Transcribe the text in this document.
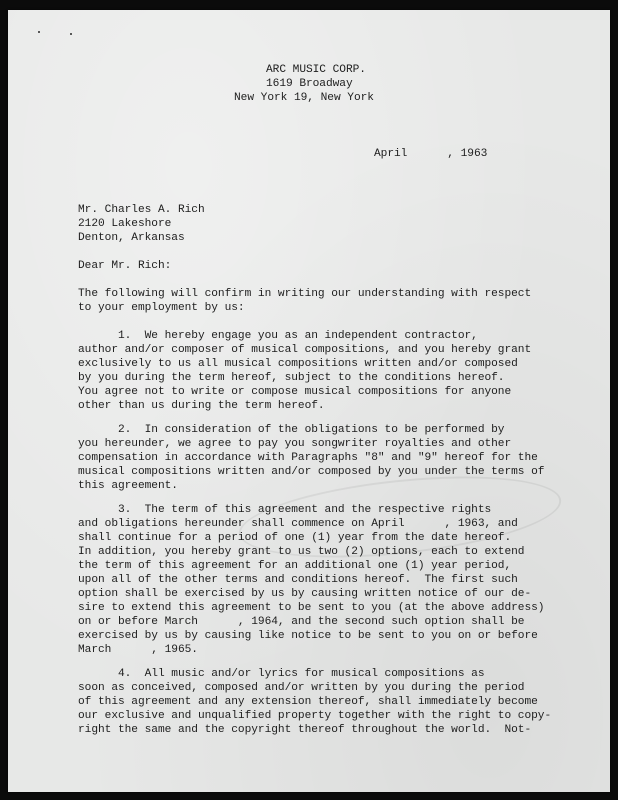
ARC MUSIC CORP.
1619 Broadway
New York 19, New York
April      , 1963
Mr. Charles A. Rich
2120 Lakeshore
Denton, Arkansas
Dear Mr. Rich:
The following will confirm in writing our understanding with respect
to your employment by us:
1.  We hereby engage you as an independent contractor,
author and/or composer of musical compositions, and you hereby grant
exclusively to us all musical compositions written and/or composed
by you during the term hereof, subject to the conditions hereof.
You agree not to write or compose musical compositions for anyone
other than us during the term hereof.
2.  In consideration of the obligations to be performed by
you hereunder, we agree to pay you songwriter royalties and other
compensation in accordance with Paragraphs "8" and "9" hereof for the
musical compositions written and/or composed by you under the terms of
this agreement.
3.  The term of this agreement and the respective rights
and obligations hereunder shall commence on April      , 1963, and
shall continue for a period of one (1) year from the date hereof.
In addition, you hereby grant to us two (2) options, each to extend
the term of this agreement for an additional one (1) year period,
upon all of the other terms and conditions hereof.  The first such
option shall be exercised by us by causing written notice of our de-
sire to extend this agreement to be sent to you (at the above address)
on or before March      , 1964, and the second such option shall be
exercised by us by causing like notice to be sent to you on or before
March      , 1965.
4.  All music and/or lyrics for musical compositions as
soon as conceived, composed and/or written by you during the period
of this agreement and any extension thereof, shall immediately become
our exclusive and unqualified property together with the right to copy-
right the same and the copyright thereof throughout the world.  Not-
